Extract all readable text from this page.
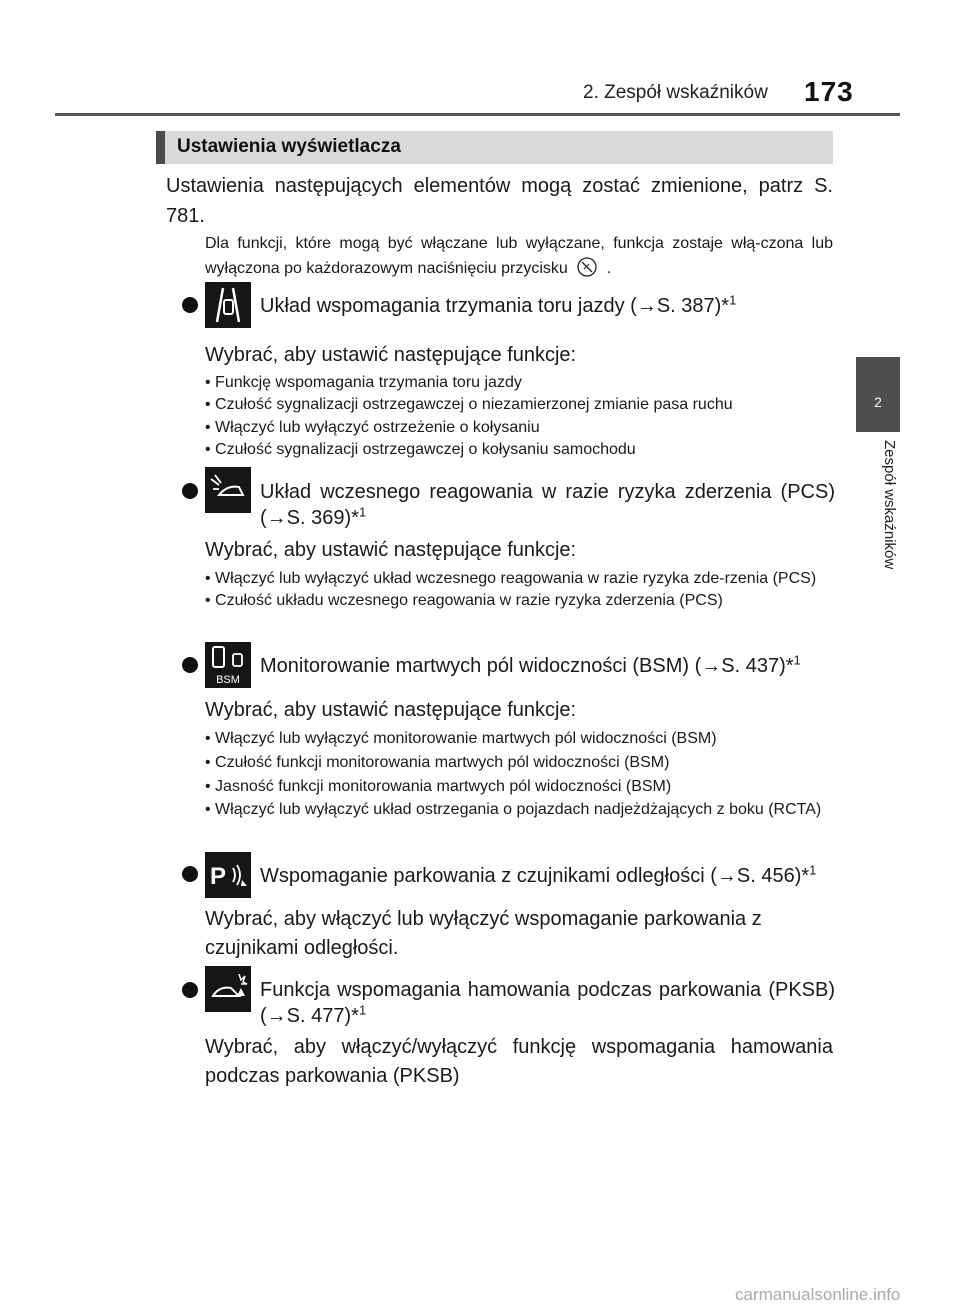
2. Zespół wskaźników 173
2
Zespół wskaźników
Ustawienia wyświetlacza
Ustawienia następujących elementów mogą zostać zmienione, patrz S. 781.
Dla funkcji, które mogą być włączane lub wyłączane, funkcja zostaje włą-czona lub wyłączona po każdorazowym naciśnięciu przycisku .
Układ wspomagania trzymania toru jazdy (→S. 387)*$^1$
Wybrać, aby ustawić następujące funkcje:
• Funkcję wspomagania trzymania toru jazdy
• Czułość sygnalizacji ostrzegawczej o niezamierzonej zmianie pasa ruchu
• Włączyć lub wyłączyć ostrzeżenie o kołysaniu
• Czułość sygnalizacji ostrzegawczej o kołysaniu samochodu
Układ wczesnego reagowania w razie ryzyka zderzenia (PCS) (→S. 369)*$^1$
Wybrać, aby ustawić następujące funkcje:
• Włączyć lub wyłączyć układ wczesnego reagowania w razie ryzyka zde-rzenia (PCS)
• Czułość układu wczesnego reagowania w razie ryzyka zderzenia (PCS)
BSM
Monitorowanie martwych pól widoczności (BSM) (→S. 437)*$^1$
Wybrać, aby ustawić następujące funkcje:
• Włączyć lub wyłączyć monitorowanie martwych pól widoczności (BSM)
• Czułość funkcji monitorowania martwych pól widoczności (BSM)
• Jasność funkcji monitorowania martwych pól widoczności (BSM)
• Włączyć lub wyłączyć układ ostrzegania o pojazdach nadjeżdżających z boku (RCTA)
P Wspomaganie parkowania z czujnikami odległości (→S. 456)*$^1$
Wybrać, aby włączyć lub wyłączyć wspomaganie parkowania z czujnikami odległości.
Funkcja wspomagania hamowania podczas parkowania (PKSB) (→S. 477)*$^1$
Wybrać, aby włączyć/wyłączyć funkcję wspomagania hamowania podczas parkowania (PKSB)
carmanualsonline.info
